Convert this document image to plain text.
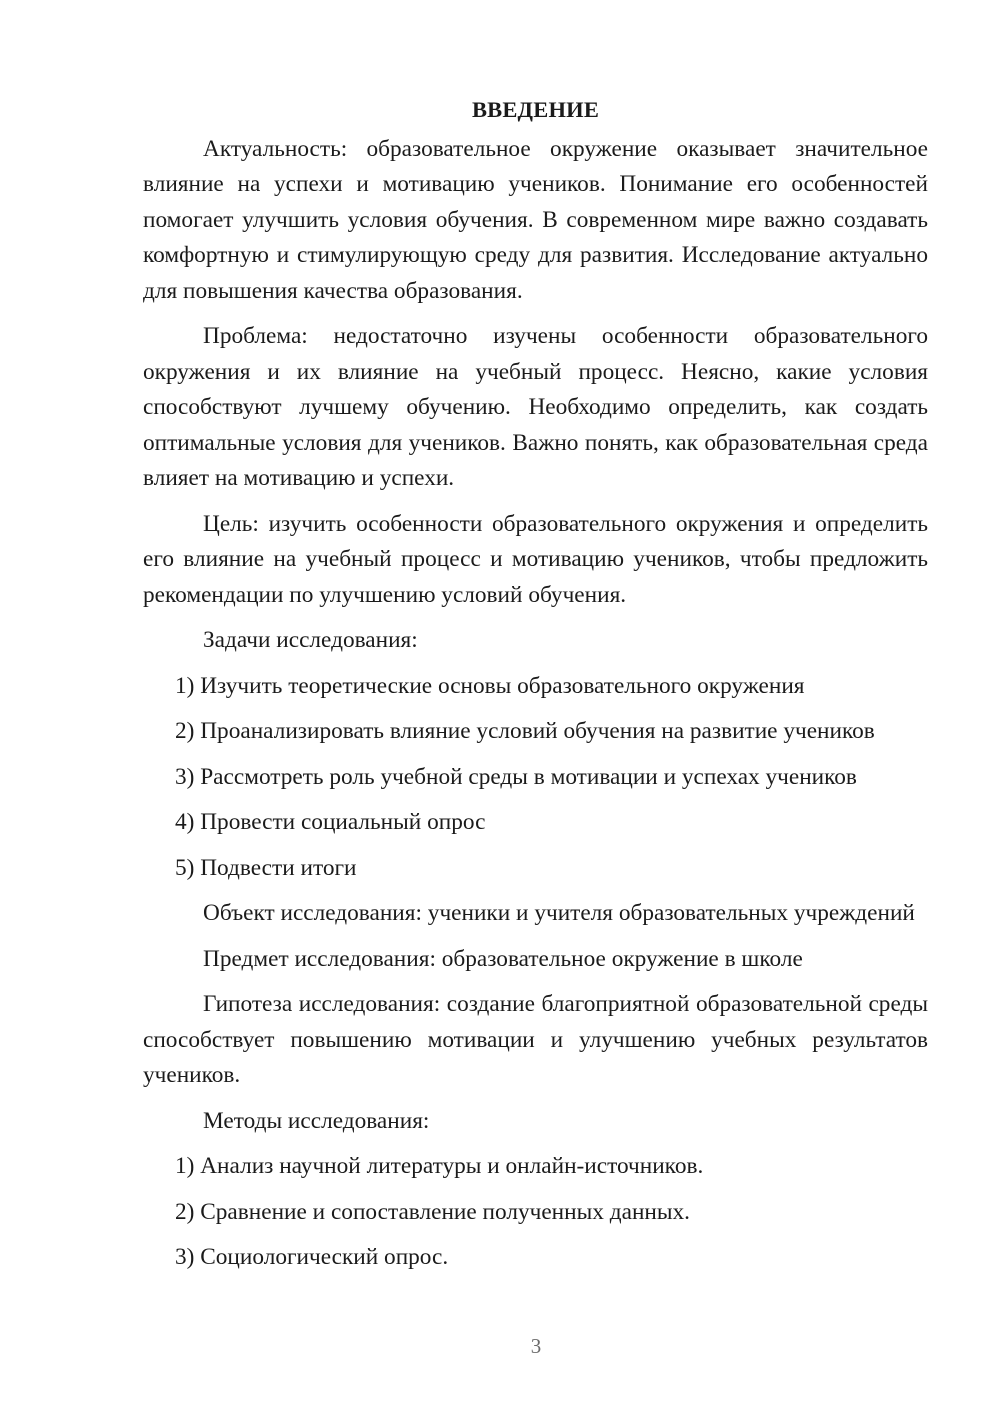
ВВЕДЕНИЕ

Актуальность: образовательное окружение оказывает значительное влияние на успехи и мотивацию учеников. Понимание его особенностей помогает улучшить условия обучения. В современном мире важно создавать комфортную и стимулирующую среду для развития. Исследование актуально для повышения качества образования.

Проблема: недостаточно изучены особенности образовательного окружения и их влияние на учебный процесс. Неясно, какие условия способствуют лучшему обучению. Необходимо определить, как создать оптимальные условия для учеников. Важно понять, как образовательная среда влияет на мотивацию и успехи.

Цель: изучить особенности образовательного окружения и определить его влияние на учебный процесс и мотивацию учеников, чтобы предложить рекомендации по улучшению условий обучения.

Задачи исследования:

1) Изучить теоретические основы образовательного окружения

2) Проанализировать влияние условий обучения на развитие учеников

3) Рассмотреть роль учебной среды в мотивации и успехах учеников

4) Провести социальный опрос

5) Подвести итоги

Объект исследования: ученики и учителя образовательных учреждений

Предмет исследования: образовательное окружение в школе

Гипотеза исследования: создание благоприятной образовательной среды способствует повышению мотивации и улучшению учебных результатов учеников.

Методы исследования:

1) Анализ научной литературы и онлайн-источников.

2) Сравнение и сопоставление полученных данных.

3) Социологический опрос.

3
